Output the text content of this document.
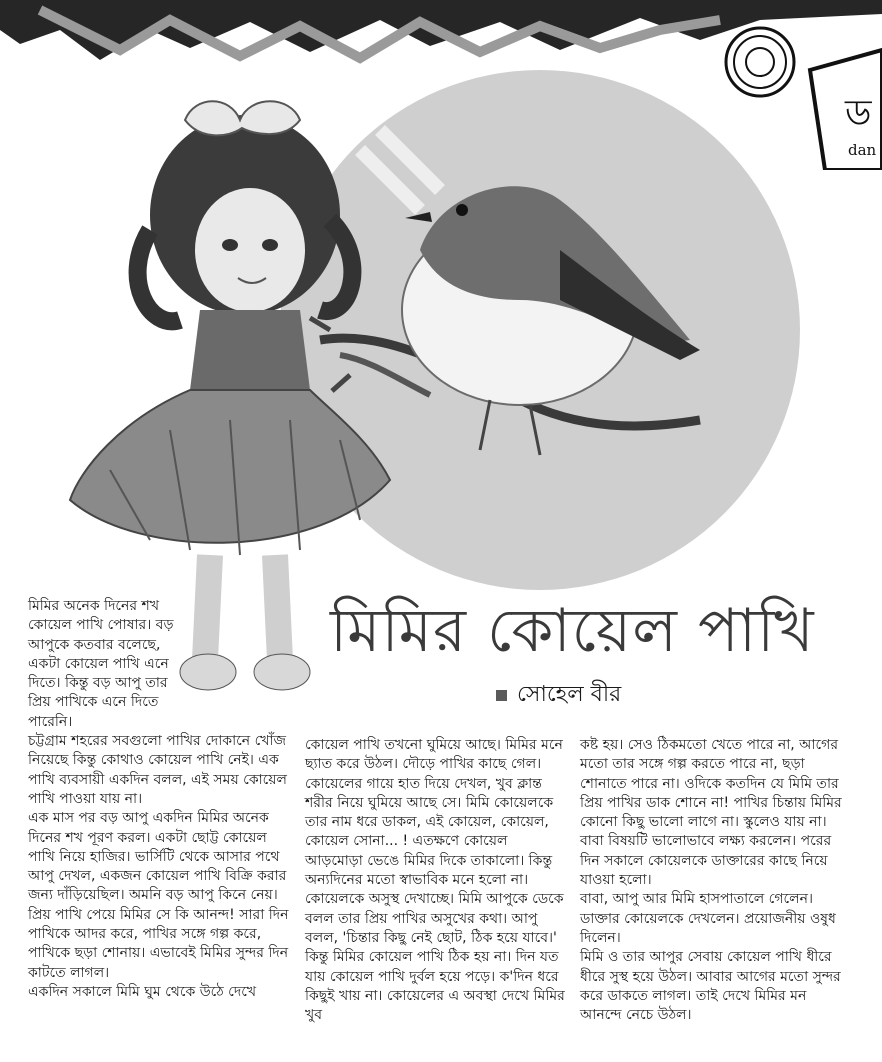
ড
dan
মিমির কোয়েল পাখি
সোহেল বীর

মিমির অনেক দিনের শখ কোয়েল পাখি পোষার। বড় আপুকে কতবার বলেছে, একটা কোয়েল পাখি এনে দিতে। কিন্তু বড় আপু তার প্রিয় পাখিকে এনে দিতে পারেনি।
চট্টগ্রাম শহরের সবগুলো পাখির দোকানে খোঁজ নিয়েছে কিন্তু কোথাও কোয়েল পাখি নেই। এক পাখি ব্যবসায়ী একদিন বলল, এই সময় কোয়েল পাখি পাওয়া যায় না।

এক মাস পর বড় আপু একদিন মিমির অনেক দিনের শখ পূরণ করল। একটা ছোট্ট কোয়েল পাখি নিয়ে হাজির। ভার্সিটি থেকে আসার পথে আপু দেখল, একজন কোয়েল পাখি বিক্রি করার জন্য দাঁড়িয়েছিল। অমনি বড় আপু কিনে নেয়। প্রিয় পাখি পেয়ে মিমির সে কি আনন্দ! সারা দিন পাখিকে আদর করে, পাখির সঙ্গে গল্প করে, পাখিকে ছড়া শোনায়। এভাবেই মিমির সুন্দর দিন কাটতে লাগল।

একদিন সকালে মিমি ঘুম থেকে উঠে দেখে

কোয়েল পাখি তখনো ঘুমিয়ে আছে। মিমির মনে ছ্যাত করে উঠল। দৌড়ে পাখির কাছে গেল। কোয়েলের গায়ে হাত দিয়ে দেখল, খুব ক্লান্ত শরীর নিয়ে ঘুমিয়ে আছে সে। মিমি কোয়েলকে তার নাম ধরে ডাকল, এই কোয়েল, কোয়েল, কোয়েল সোনা... ! এতক্ষণে কোয়েল আড়মোড়া ভেঙে মিমির দিকে তাকালো। কিন্তু অন্যদিনের মতো স্বাভাবিক মনে হলো না।

কোয়েলকে অসুস্থ দেখাচ্ছে। মিমি আপুকে ডেকে বলল তার প্রিয় পাখির অসুখের কথা। আপু বলল, 'চিন্তার কিছু নেই ছোট, ঠিক হয়ে যাবে।' কিন্তু মিমির কোয়েল পাখি ঠিক হয় না। দিন যত যায় কোয়েল পাখি দুর্বল হয়ে পড়ে। ক'দিন ধরে কিছুই খায় না। কোয়েলের এ অবস্থা দেখে মিমির খুব

কষ্ট হয়। সেও ঠিকমতো খেতে পারে না, আগের মতো তার সঙ্গে গল্প করতে পারে না, ছড়া শোনাতে পারে না। ওদিকে কতদিন যে মিমি তার প্রিয় পাখির ডাক শোনে না! পাখির চিন্তায় মিমির কোনো কিছু ভালো লাগে না। স্কুলেও যায় না। বাবা বিষয়টি ভালোভাবে লক্ষ্য করলেন। পরের দিন সকালে কোয়েলকে ডাক্তারের কাছে নিয়ে যাওয়া হলো।

বাবা, আপু আর মিমি হাসপাতালে গেলেন। ডাক্তার কোয়েলকে দেখলেন। প্রয়োজনীয় ওষুধ দিলেন।

মিমি ও তার আপুর সেবায় কোয়েল পাখি ধীরে ধীরে সুস্থ হয়ে উঠল। আবার আগের মতো সুন্দর করে ডাকতে লাগল। তাই দেখে মিমির মন আনন্দে নেচে উঠল।
